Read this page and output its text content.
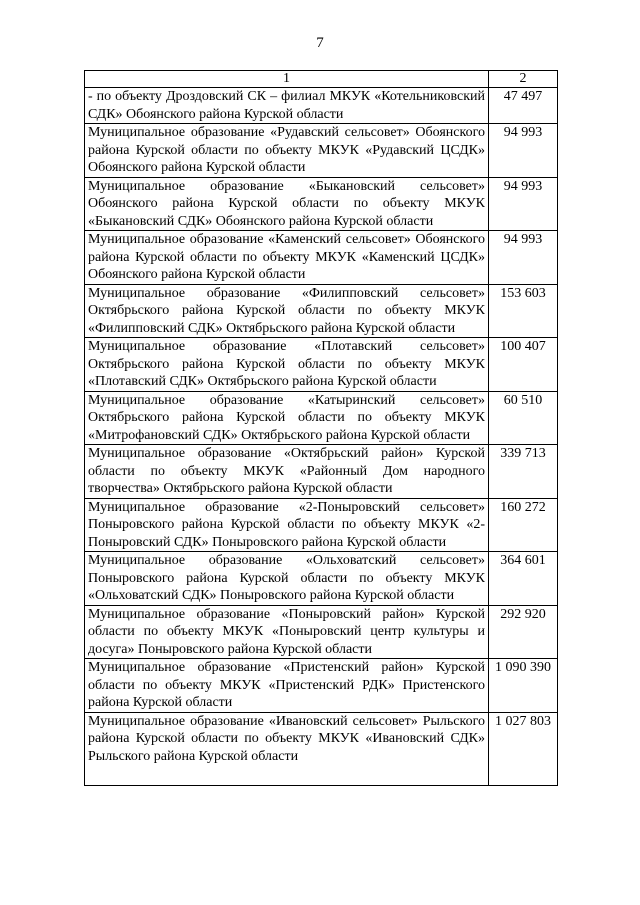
7
1	2
- по объекту Дроздовский СК – филиал МКУК «Котельниковский СДК» Обоянского района Курской области	47 497
Муниципальное образование «Рудавский сельсовет» Обоянского района Курской области по объекту МКУК «Рудавский ЦСДК» Обоянского района Курской области	94 993
Муниципальное образование «Быкановский сельсовет» Обоянского района Курской области по объекту МКУК «Быкановский СДК» Обоянского района Курской области	94 993
Муниципальное образование «Каменский сельсовет» Обоянского района Курской области по объекту МКУК «Каменский ЦСДК» Обоянского района Курской области	94 993
Муниципальное образование «Филипповский сельсовет» Октябрьского района Курской области по объекту МКУК «Филипповский СДК» Октябрьского района Курской области	153 603
Муниципальное образование «Плотавский сельсовет» Октябрьского района Курской области по объекту МКУК «Плотавский СДК» Октябрьского района Курской области	100 407
Муниципальное образование «Катыринский сельсовет» Октябрьского района Курской области по объекту МКУК «Митрофановский СДК» Октябрьского района Курской области	60 510
Муниципальное образование «Октябрьский район» Курской области по объекту МКУК «Районный Дом народного творчества» Октябрьского района Курской области	339 713
Муниципальное образование «2-Поныровский сельсовет» Поныровского района Курской области по объекту МКУК «2-Поныровский СДК» Поныровского района Курской области	160 272
Муниципальное образование «Ольховатский сельсовет» Поныровского района Курской области по объекту МКУК «Ольховатский СДК» Поныровского района Курской области	364 601
Муниципальное образование «Поныровский район» Курской области по объекту МКУК «Поныровский центр культуры и досуга» Поныровского района Курской области	292 920
Муниципальное образование «Пристенский район» Курской области по объекту МКУК «Пристенский РДК» Пристенского района Курской области	1 090 390
Муниципальное образование «Ивановский сельсовет» Рыльского района Курской области по объекту МКУК «Ивановский СДК» Рыльского района Курской области	1 027 803
